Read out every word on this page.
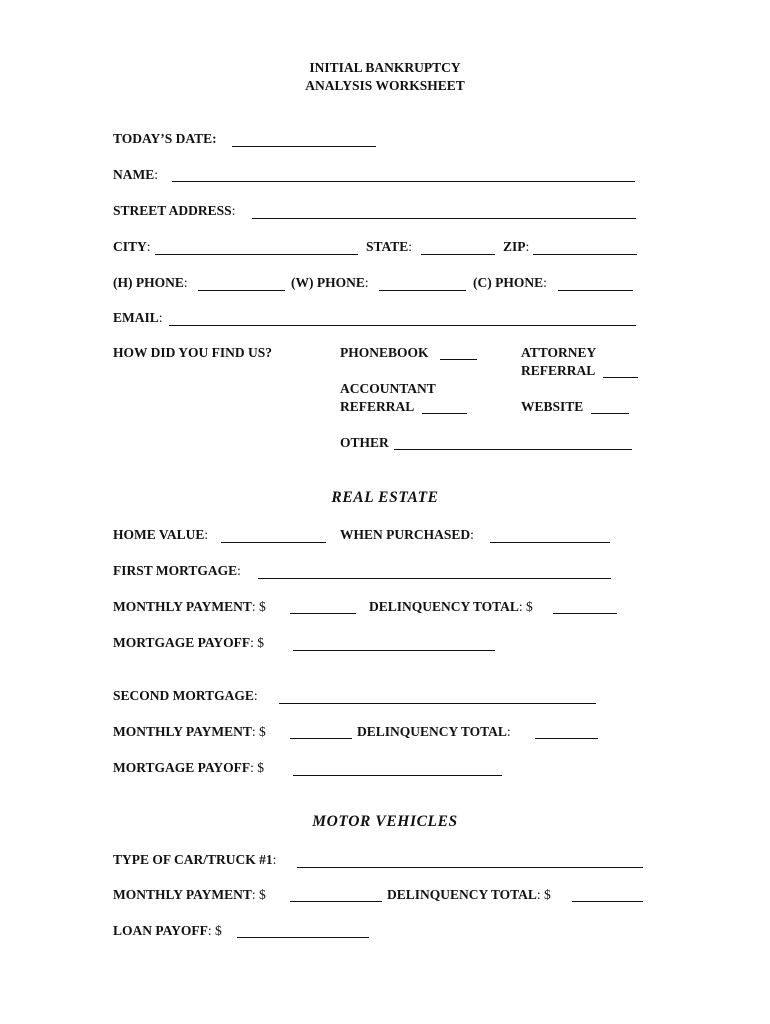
INITIAL BANKRUPTCY
ANALYSIS WORKSHEET
TODAY’S DATE:
NAME:
STREET ADDRESS:
CITY:	STATE:	ZIP:
(H) PHONE:	(W) PHONE:	(C) PHONE:
EMAIL:
HOW DID YOU FIND US?	PHONEBOOK	ATTORNEY
REFERRAL
ACCOUNTANT
REFERRAL	WEBSITE
OTHER
REAL ESTATE
HOME VALUE:	WHEN PURCHASED:
FIRST MORTGAGE:
MONTHLY PAYMENT: $	DELINQUENCY TOTAL: $
MORTGAGE PAYOFF: $
SECOND MORTGAGE:
MONTHLY PAYMENT: $	DELINQUENCY TOTAL:
MORTGAGE PAYOFF: $
MOTOR VEHICLES
TYPE OF CAR/TRUCK #1:
MONTHLY PAYMENT: $	DELINQUENCY TOTAL: $
LOAN PAYOFF: $
